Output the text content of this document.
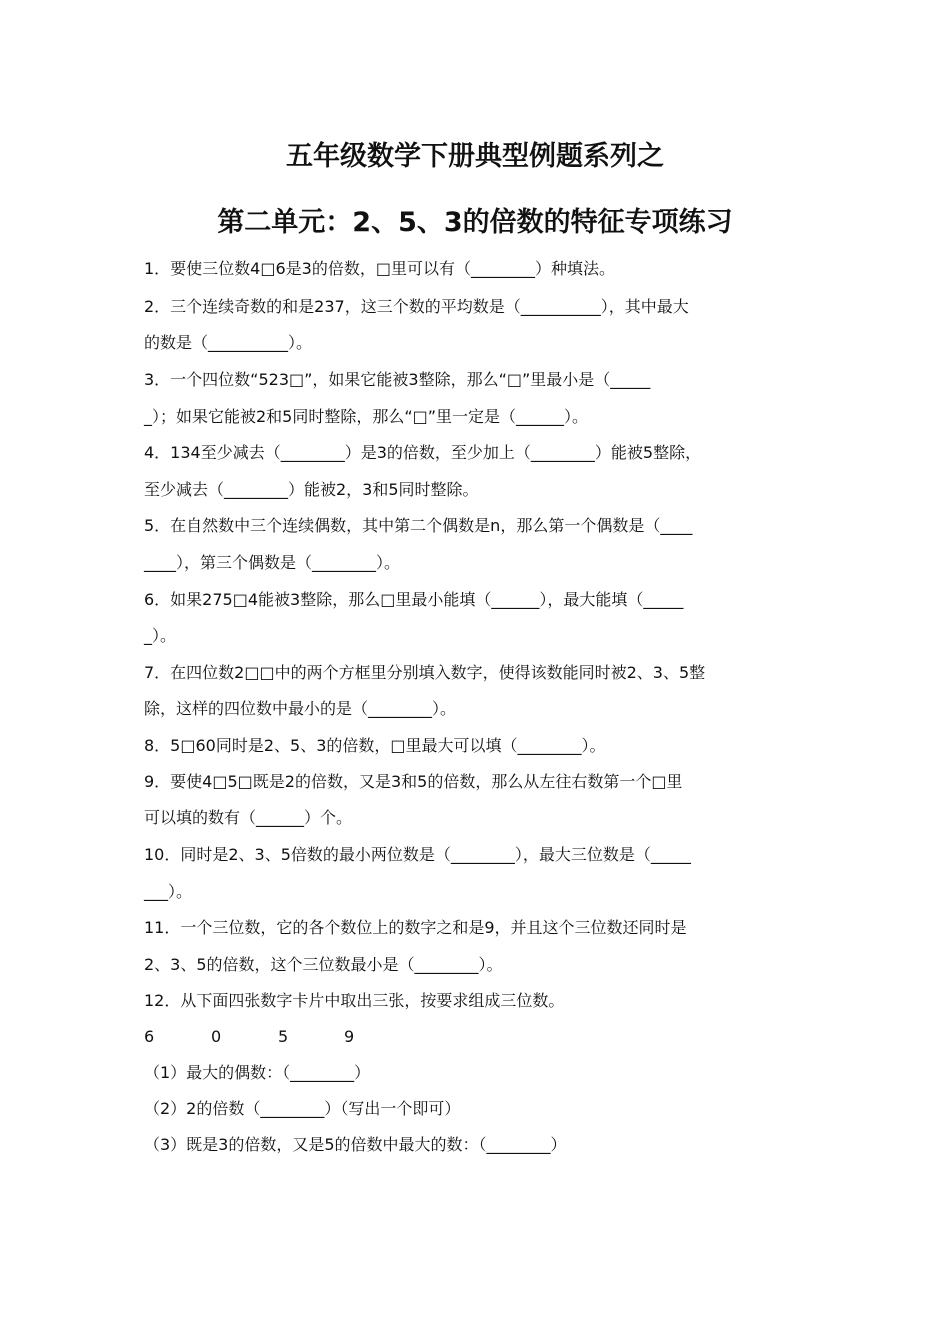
五年级数学下册典型例题系列之
第二单元：2、5、3的倍数的特征专项练习
1．要使三位数4□6是3的倍数，□里可以有（________）种填法。
2．三个连续奇数的和是237，这三个数的平均数是（__________），其中最大
的数是（__________）。
3．一个四位数“523□”，如果它能被3整除，那么“□”里最小是（_____
_）；如果它能被2和5同时整除，那么“□”里一定是（______）。
4．134至少减去（________）是3的倍数，至少加上（________）能被5整除，
至少减去（________）能被2，3和5同时整除。
5．在自然数中三个连续偶数，其中第二个偶数是n，那么第一个偶数是（____
____），第三个偶数是（________）。
6．如果275□4能被3整除，那么□里最小能填（______），最大能填（_____
_）。
7．在四位数2□□中的两个方框里分别填入数字，使得该数能同时被2、3、5整
除，这样的四位数中最小的是（________）。
8．5□60同时是2、5、3的倍数，□里最大可以填（________）。
9．要使4□5□既是2的倍数，又是3和5的倍数，那么从左往右数第一个□里
可以填的数有（______）个。
10．同时是2、3、5倍数的最小两位数是（________），最大三位数是（_____
___）。
11．一个三位数，它的各个数位上的数字之和是9，并且这个三位数还同时是
2、3、5的倍数，这个三位数最小是（________）。
12．从下面四张数字卡片中取出三张，按要求组成三位数。
6	0	5	9
（1）最大的偶数：（________）
（2）2的倍数（________）（写出一个即可）
（3）既是3的倍数，又是5的倍数中最大的数：（________）
